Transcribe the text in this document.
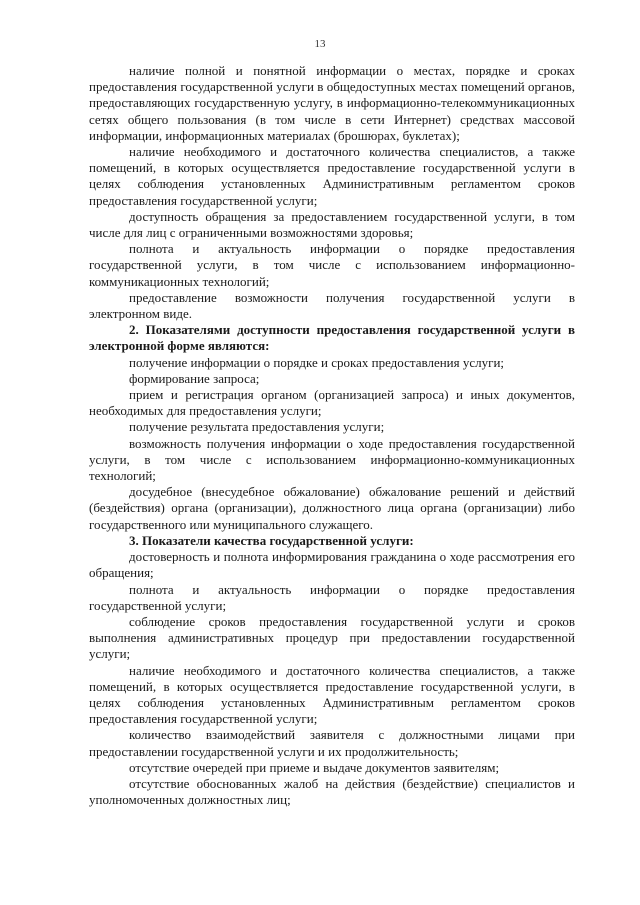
13

наличие полной и понятной информации о местах, порядке и сроках предоставления государственной услуги в общедоступных местах помещений органов, предоставляющих государственную услугу, в информационно-телекоммуникационных сетях общего пользования (в том числе в сети Интернет) средствах массовой информации, информационных материалах (брошюрах, буклетах);

наличие необходимого и достаточного количества специалистов, а также помещений, в которых осуществляется предоставление государственной услуги в целях соблюдения установленных Административным регламентом сроков предоставления государственной услуги;

доступность обращения за предоставлением государственной услуги, в том числе для лиц с ограниченными возможностями здоровья;

полнота и актуальность информации о порядке предоставления государственной услуги, в том числе с использованием информационно-коммуникационных технологий;

предоставление возможности получения государственной услуги в электронном виде.

2. Показателями доступности предоставления государственной услуги в электронной форме являются:

получение информации о порядке и сроках предоставления услуги;

формирование запроса;

прием и регистрация органом (организацией запроса) и иных документов, необходимых для предоставления услуги;

получение результата предоставления услуги;

возможность получения информации о ходе предоставления государственной услуги, в том числе с использованием информационно-коммуникационных технологий;

досудебное (внесудебное обжалование) обжалование решений и действий (бездействия) органа (организации), должностного лица органа (организации) либо государственного или муниципального служащего.

3. Показатели качества государственной услуги:

достоверность и полнота информирования гражданина о ходе рассмотрения его обращения;

полнота и актуальность информации о порядке предоставления государственной услуги;

соблюдение сроков предоставления государственной услуги и сроков выполнения административных процедур при предоставлении государственной услуги;

наличие необходимого и достаточного количества специалистов, а также помещений, в которых осуществляется предоставление государственной услуги, в целях соблюдения установленных Административным регламентом сроков предоставления государственной услуги;

количество взаимодействий заявителя с должностными лицами при предоставлении государственной услуги и их продолжительность;

отсутствие очередей при приеме и выдаче документов заявителям;

отсутствие обоснованных жалоб на действия (бездействие) специалистов и уполномоченных должностных лиц;
